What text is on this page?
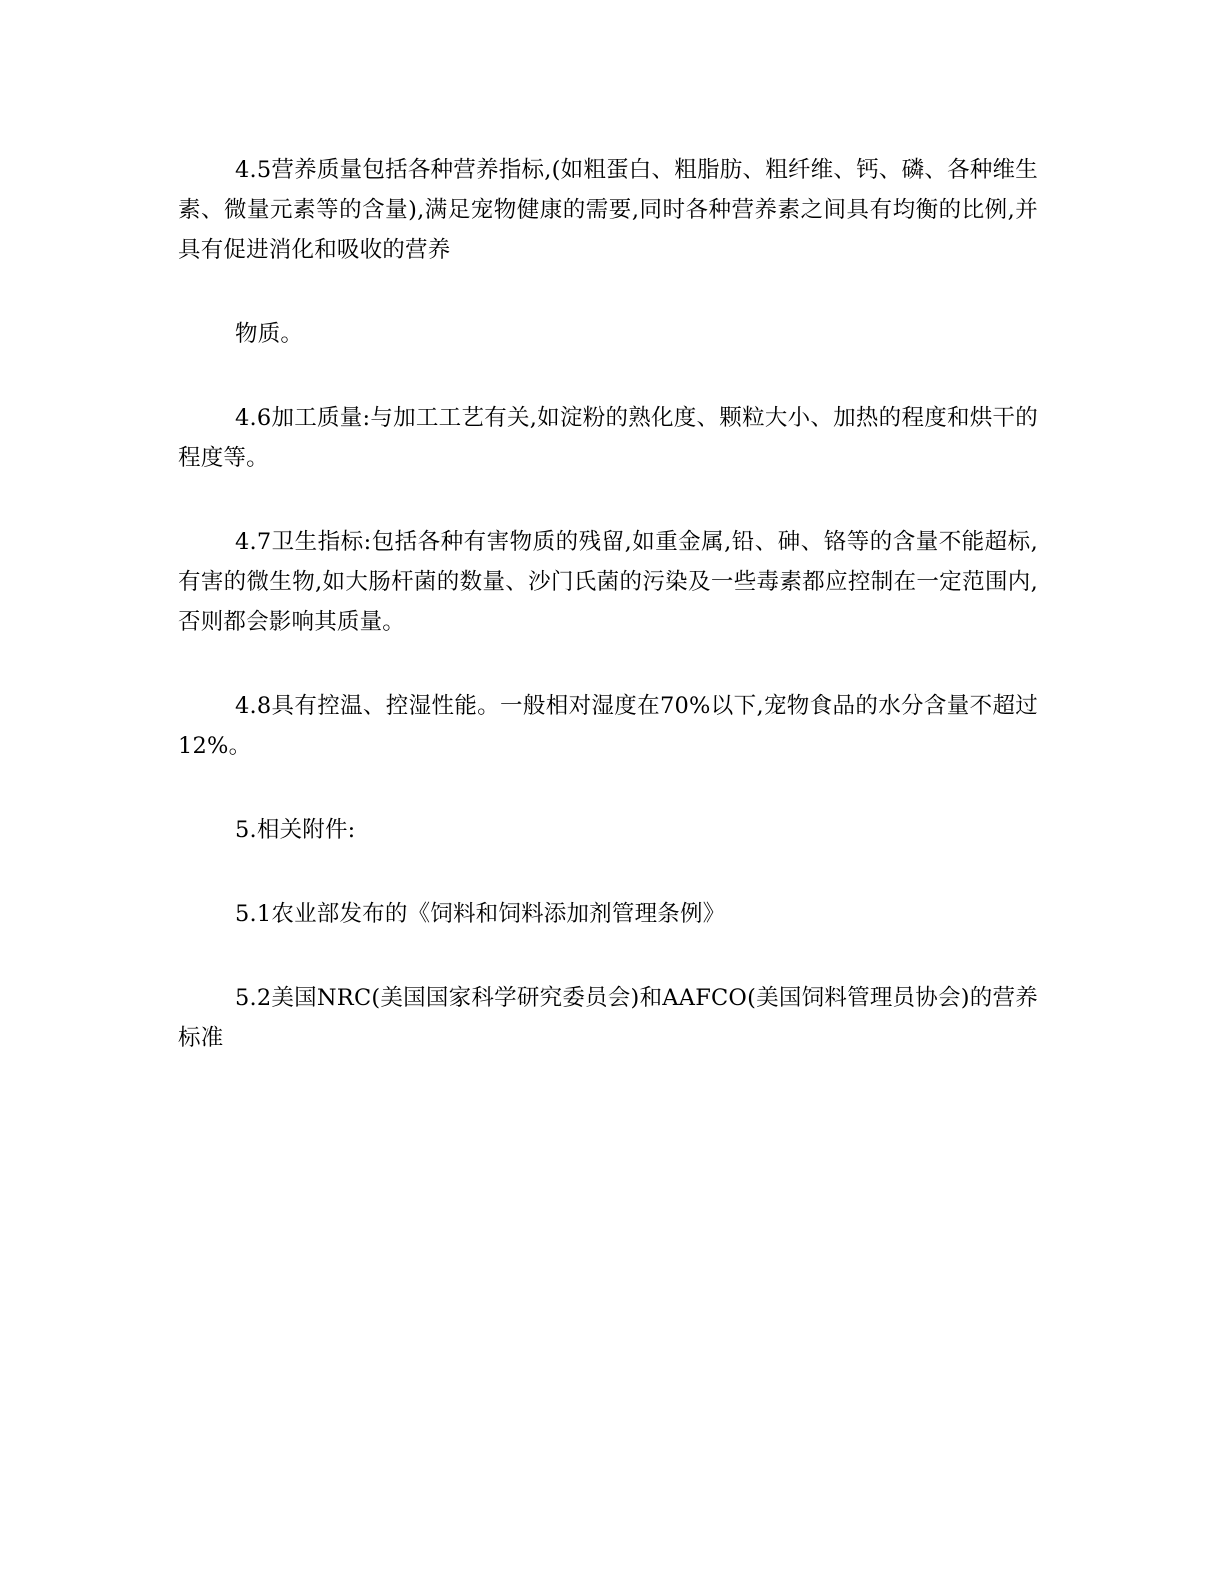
4.5营养质量包括各种营养指标,(如粗蛋白、粗脂肪、粗纤维、钙、磷、各种维生素、微量元素等的含量),满足宠物健康的需要,同时各种营养素之间具有均衡的比例,并具有促进消化和吸收的营养

物质。

4.6加工质量:与加工工艺有关,如淀粉的熟化度、颗粒大小、加热的程度和烘干的程度等。

4.7卫生指标:包括各种有害物质的残留,如重金属,铅、砷、铬等的含量不能超标,有害的微生物,如大肠杆菌的数量、沙门氏菌的污染及一些毒素都应控制在一定范围内,否则都会影响其质量。

4.8具有控温、控湿性能。一般相对湿度在70%以下,宠物食品的水分含量不超过12%。

5.相关附件:

5.1农业部发布的《饲料和饲料添加剂管理条例》

5.2美国NRC(美国国家科学研究委员会)和AAFCO(美国饲料管理员协会)的营养标准
